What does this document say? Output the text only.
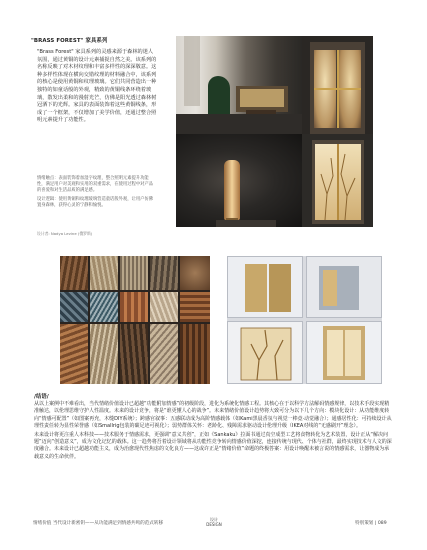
"BRASS FOREST" 家具系列

"Brass Forest" 家具系列的灵感来源于森林的迷人氛围，通过黄铜的设计元素捕捉自然之美。该系列的名称反映了对木材纹理和丰富多样性的深深敬意。这种多样性体现在横向交错纹理的材料融合中，该系列的核心是使用黄铜和纹理玻璃。它们共同营造出一种独特的如童话般的外观，精致的黄铜线条环绕着玻璃，散发出柔和的漫射光芒，仿佛是阳光透过森林树冠洒下的光辉。家具的表面装饰着这些黄铜线条，形成了一个框架，不仅增加了美学价值，还通过整合照明元素提升了功能性。

情绪触点：表面装饰着加湿字纹理，整合照明元素提升功能性，满足用户对美观和实用的双重需求，在使用过程中对产品的喜爱和对生活品质的满足感。

设计逻辑：使用黄铜和纹理玻璃营造童话般外观，让用户仿佛置身森林，获得心灵的宁静和愉悦。

设计者: Nadya Levine (俄罗斯)
/结语/

从以上案例中不难看出，当代情绪价值设计已超越“功能附加情感”的初级阶段，进化为系统化情感工程。其核心在于以科学方法解码情感规律，以技术手段实现精准触达，以伦理思维守护人性温度。未来的设计竞争，将是“谁更懂人心的战争”。未来情绪价值设计趋势将大致可分为以下几个方向：模块化设计：从功能维度转向“情感可配置”（如图案再充，木缝DIY系统）；跨感官叙事：五感联动成为高阶情感载体（如Kami黑晨香氛与视觉一棒竟·动觉融合）；通感居性化：可持续设计从理性责任转为显性荣誉感（如Smallrig包装的碳足迹可视化）；弱势群体关怀：老龄化、残障需求驱动设计伦理升级（IKEA对线的“无感刷开”理念）。

未来设计将更注重人本科技——技术服务于情感需求，更强调“意义共创”，正如《Sankaku》拉面书通过真空成型工艺将食物转化为艺术装置，设计正从“解决问题”迈向“创造意义”，成为文化记忆的载体。这一趋势将吾着设计领域将从功能性竞争转向情感价值深挖，连接传统与现代、个体与社群，最终实现技术与人文的深度融合。未来设计已超越功能主义，成为治愈现代性焦虑的文化良方——这或许正是“情绪价值”命题的终极答案：用设计唤醒未被言说的情感需求，让器物成为承载意义的生命伙伴。

情绪价值 当代设计新密钥——从功能满足到情感共鸣的范式转移
设计
DESIGN	特别策划 | 089
